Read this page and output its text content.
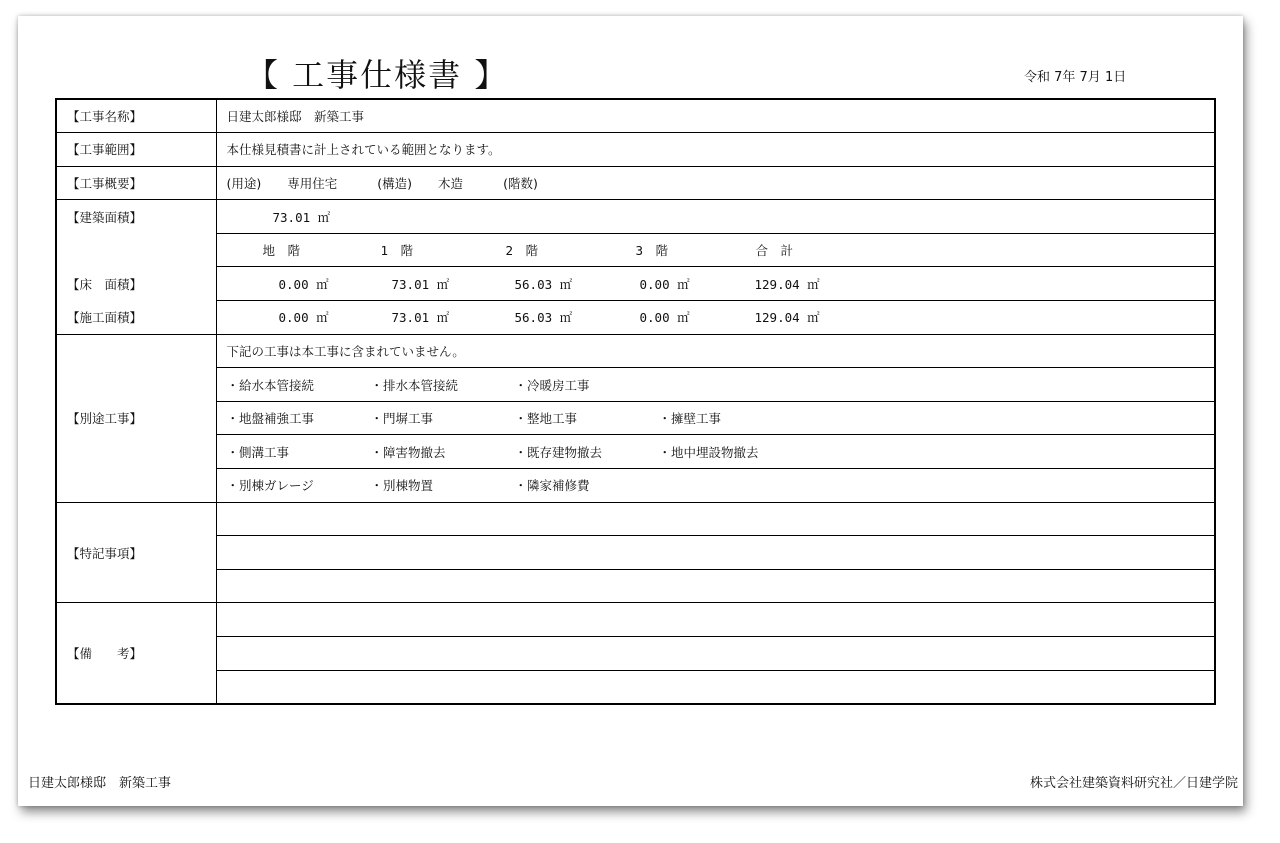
【 工事仕様書 】	令和 7年 7月 1日
【工事名称】	日建太郎様邸　新築工事
【工事範囲】	本仕様見積書に計上されている範囲となります。
【工事概要】	(用途) 専用住宅 (構造) 木造 (階数)
【建築面積】	73.01 ㎡

	地　階 1　階 2　階 3　階 合　計

【床　面積】	0.00 ㎡ 73.01 ㎡ 56.03 ㎡ 0.00 ㎡ 129.04 ㎡

【施工面積】	0.00 ㎡ 73.01 ㎡ 56.03 ㎡ 0.00 ㎡ 129.04 ㎡

【別途工事】	下記の工事は本工事に含まれていません。
	・給水本管接続 ・排水本管接続 ・冷暖房工事
	・地盤補強工事 ・門塀工事 ・整地工事 ・擁壁工事
	・側溝工事 ・障害物撤去 ・既存建物撤去 ・地中埋設物撤去
	・別棟ガレージ ・別棟物置 ・隣家補修費
【特記事項】	

【備　　考】	

日建太郎様邸　新築工事	株式会社建築資料研究社／日建学院
